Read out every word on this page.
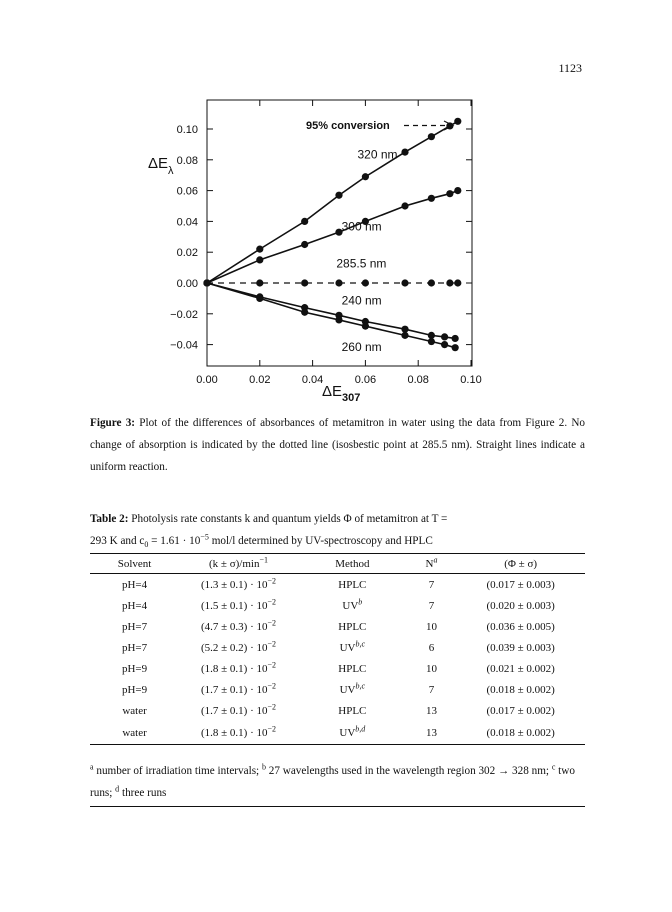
1123
0.10
0.08
0.06
0.04
0.02
0.00
−0.02
−0.04
0.00	0.02	0.04	0.06	0.08	0.10
320 nm
300 nm
285.5 nm
240 nm
260 nm
95% conversion
$\Delta E_{307}$
$\Delta E_\lambda$
Figure 3: Plot of the differences of absorbances of metamitron in water using the data from Figure 2. No change of absorption is indicated by the dotted line (isosbestic point at 285.5 nm). Straight lines indicate a uniform reaction.
Table 2: Photolysis rate constants k and quantum yields Φ of metamitron at T =
293 K and $c_0 = 1.61 \cdot 10^{-5}$ mol/l determined by UV-spectroscopy and HPLC
Solvent	$(k \pm \sigma)/\min^{-1}$	Method	$N^a$	(Φ ± σ)
pH=4	$(1.3 \pm 0.1) \cdot 10^{-2}$	HPLC	7	(0.017 ± 0.003)
pH=4	$(1.5 \pm 0.1) \cdot 10^{-2}$	$UV^b$	7	(0.020 ± 0.003)
pH=7	$(4.7 \pm 0.3) \cdot 10^{-2}$	HPLC	10	(0.036 ± 0.005)
pH=7	$(5.2 \pm 0.2) \cdot 10^{-2}$	UV$^{b,c}$	6	(0.039 ± 0.003)
pH=9	$(1.8 \pm 0.1) \cdot 10^{-2}$	HPLC	10	(0.021 ± 0.002)
pH=9	$(1.7 \pm 0.1) \cdot 10^{-2}$	UV$^{b,c}$	7	(0.018 ± 0.002)
water	$(1.7 \pm 0.1) \cdot 10^{-2}$	HPLC	13	(0.017 ± 0.002)
water	$(1.8 \pm 0.1) \cdot 10^{-2}$	UV$^{b,d}$	13	(0.018 ± 0.002)
$^a$ number of irradiation time intervals; $^b$ 27 wavelengths used in the wavelength region 302 → 328 nm; $^c$ two runs; $^d$ three runs
